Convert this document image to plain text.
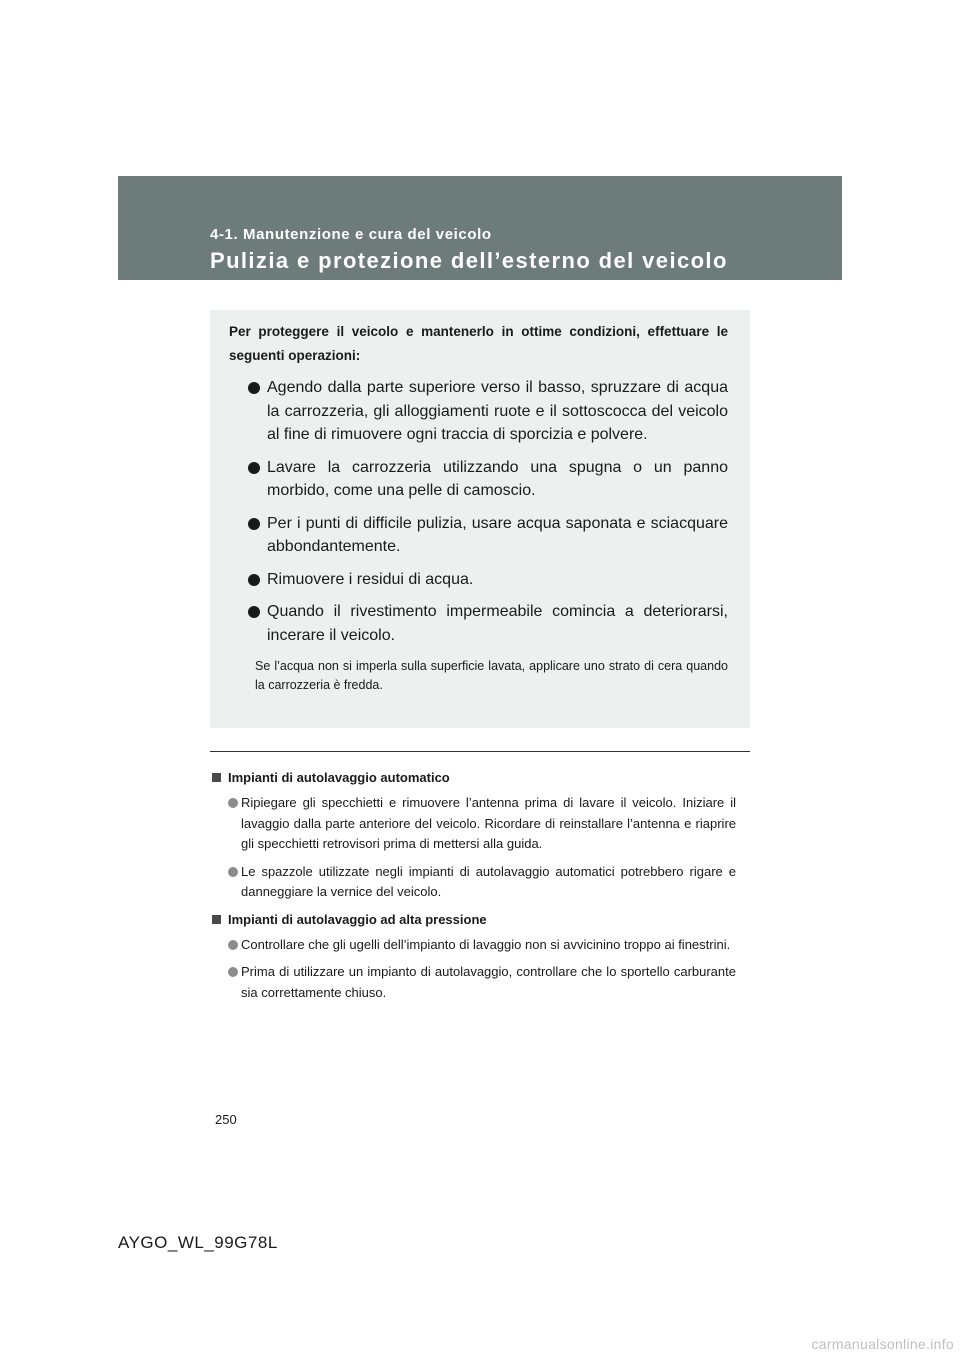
4-1. Manutenzione e cura del veicolo
Pulizia e protezione dell’esterno del veicolo

Per proteggere il veicolo e mantenerlo in ottime condizioni, effettuare le seguenti operazioni:

Agendo dalla parte superiore verso il basso, spruzzare di acqua la carrozzeria, gli alloggiamenti ruote e il sottoscocca del veicolo al fine di rimuovere ogni traccia di sporcizia e polvere.
Lavare la carrozzeria utilizzando una spugna o un panno morbido, come una pelle di camoscio.
Per i punti di difficile pulizia, usare acqua saponata e sciacquare abbondantemente.
Rimuovere i residui di acqua.
Quando il rivestimento impermeabile comincia a deteriorarsi, incerare il veicolo.

Se l’acqua non si imperla sulla superficie lavata, applicare uno strato di cera quando la carrozzeria è fredda.

Impianti di autolavaggio automatico
Ripiegare gli specchietti e rimuovere l’antenna prima di lavare il veicolo. Iniziare il lavaggio dalla parte anteriore del veicolo. Ricordare di reinstallare l’antenna e riaprire gli specchietti retrovisori prima di mettersi alla guida.
Le spazzole utilizzate negli impianti di autolavaggio automatici potrebbero rigare e danneggiare la vernice del veicolo.
Impianti di autolavaggio ad alta pressione
Controllare che gli ugelli dell’impianto di lavaggio non si avvicinino troppo ai finestrini.
Prima di utilizzare un impianto di autolavaggio, controllare che lo sportello carburante sia correttamente chiuso.
250
AYGO_WL_99G78L
carmanualsonline.info
